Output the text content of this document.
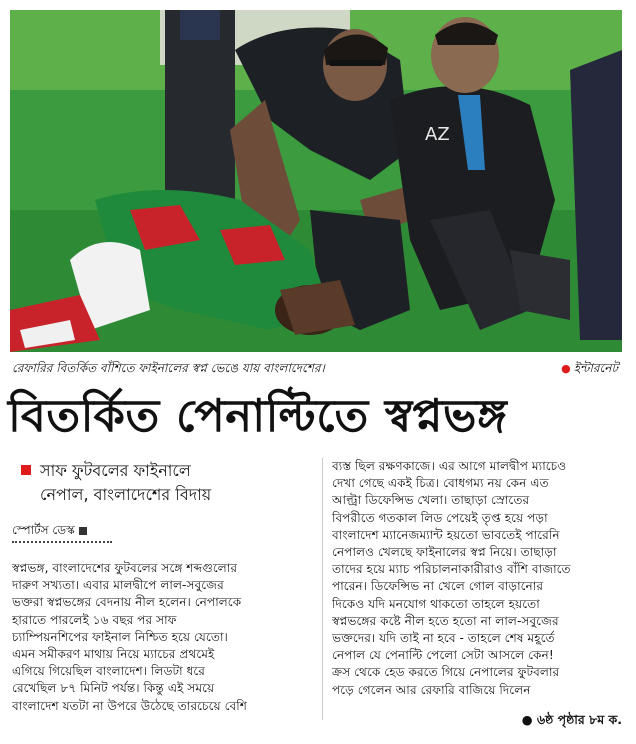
AZ
রেফারির বিতর্কিত বাঁশিতে ফাইনালের স্বপ্ন ভেঙে যায় বাংলাদেশের।	● ইন্টারনেট
বিতর্কিত পেনাল্টিতে স্বপ্নভঙ্গ
সাফ ফুটবলের ফাইনালে
নেপাল, বাংলাদেশের বিদায়
স্পোর্টস ডেস্ক
স্বপ্নভঙ্গ, বাংলাদেশের ফুটবলের সঙ্গে শব্দগুলোর
দারুণ সখ্যতা। এবার মালদ্বীপে লাল-সবুজের
ভক্তরা স্বপ্নভঙ্গের বেদনায় নীল হলেন। নেপালকে
হারাতে পারলেই ১৬ বছর পর সাফ
চ্যাম্পিয়নশিপের ফাইনাল নিশ্চিত হয়ে যেতো।
এমন সমীকরণ মাথায় নিয়ে ম্যাচের প্রথমেই
এগিয়ে গিয়েছিল বাংলাদেশ। লিডটা ধরে
রেখেছিল ৮৭ মিনিট পর্যন্ত। কিন্তু এই সময়ে
বাংলাদেশ যতটা না উপরে উঠেছে তারচেয়ে বেশি
ব্যস্ত ছিল রক্ষণকাজে। এর আগে মালদ্বীপ ম্যাচেও
দেখা গেছে একই চিত্র। বোধগম্য নয় কেন এত
আল্ট্রা ডিফেন্সিভ খেলা। তাছাড়া স্রোতের
বিপরীতে গতকাল লিড পেয়েই তৃপ্ত হয়ে পড়া
বাংলাদেশ ম্যানেজম্যান্ট হয়তো ভাবতেই পারেনি
নেপালও খেলছে ফাইনালের স্বপ্ন নিয়ে। তাছাড়া
তাদের হয়ে ম্যাচ পরিচালনাকারীরাও বাঁশি বাজাতে
পারেন। ডিফেন্সিভ না খেলে গোল বাড়ানোর
দিকেও যদি মনযোগ থাকতো তাহলে হয়তো
স্বপ্নভঙ্গের কষ্টে নীল হতে হতো না লাল-সবুজের
ভক্তদের। যদি তাই না হবে - তাহলে শেষ মহূর্তে
নেপাল যে পেনাল্টি পেলো সেটা আসলে কেন!
ক্রস থেকে হেড করতে গিয়ে নেপালের ফুটবলার
পড়ে গেলেন আর রেফারি বাজিয়ে দিলেন
● ৬ষ্ঠ পৃষ্ঠার ৮ম ক.
